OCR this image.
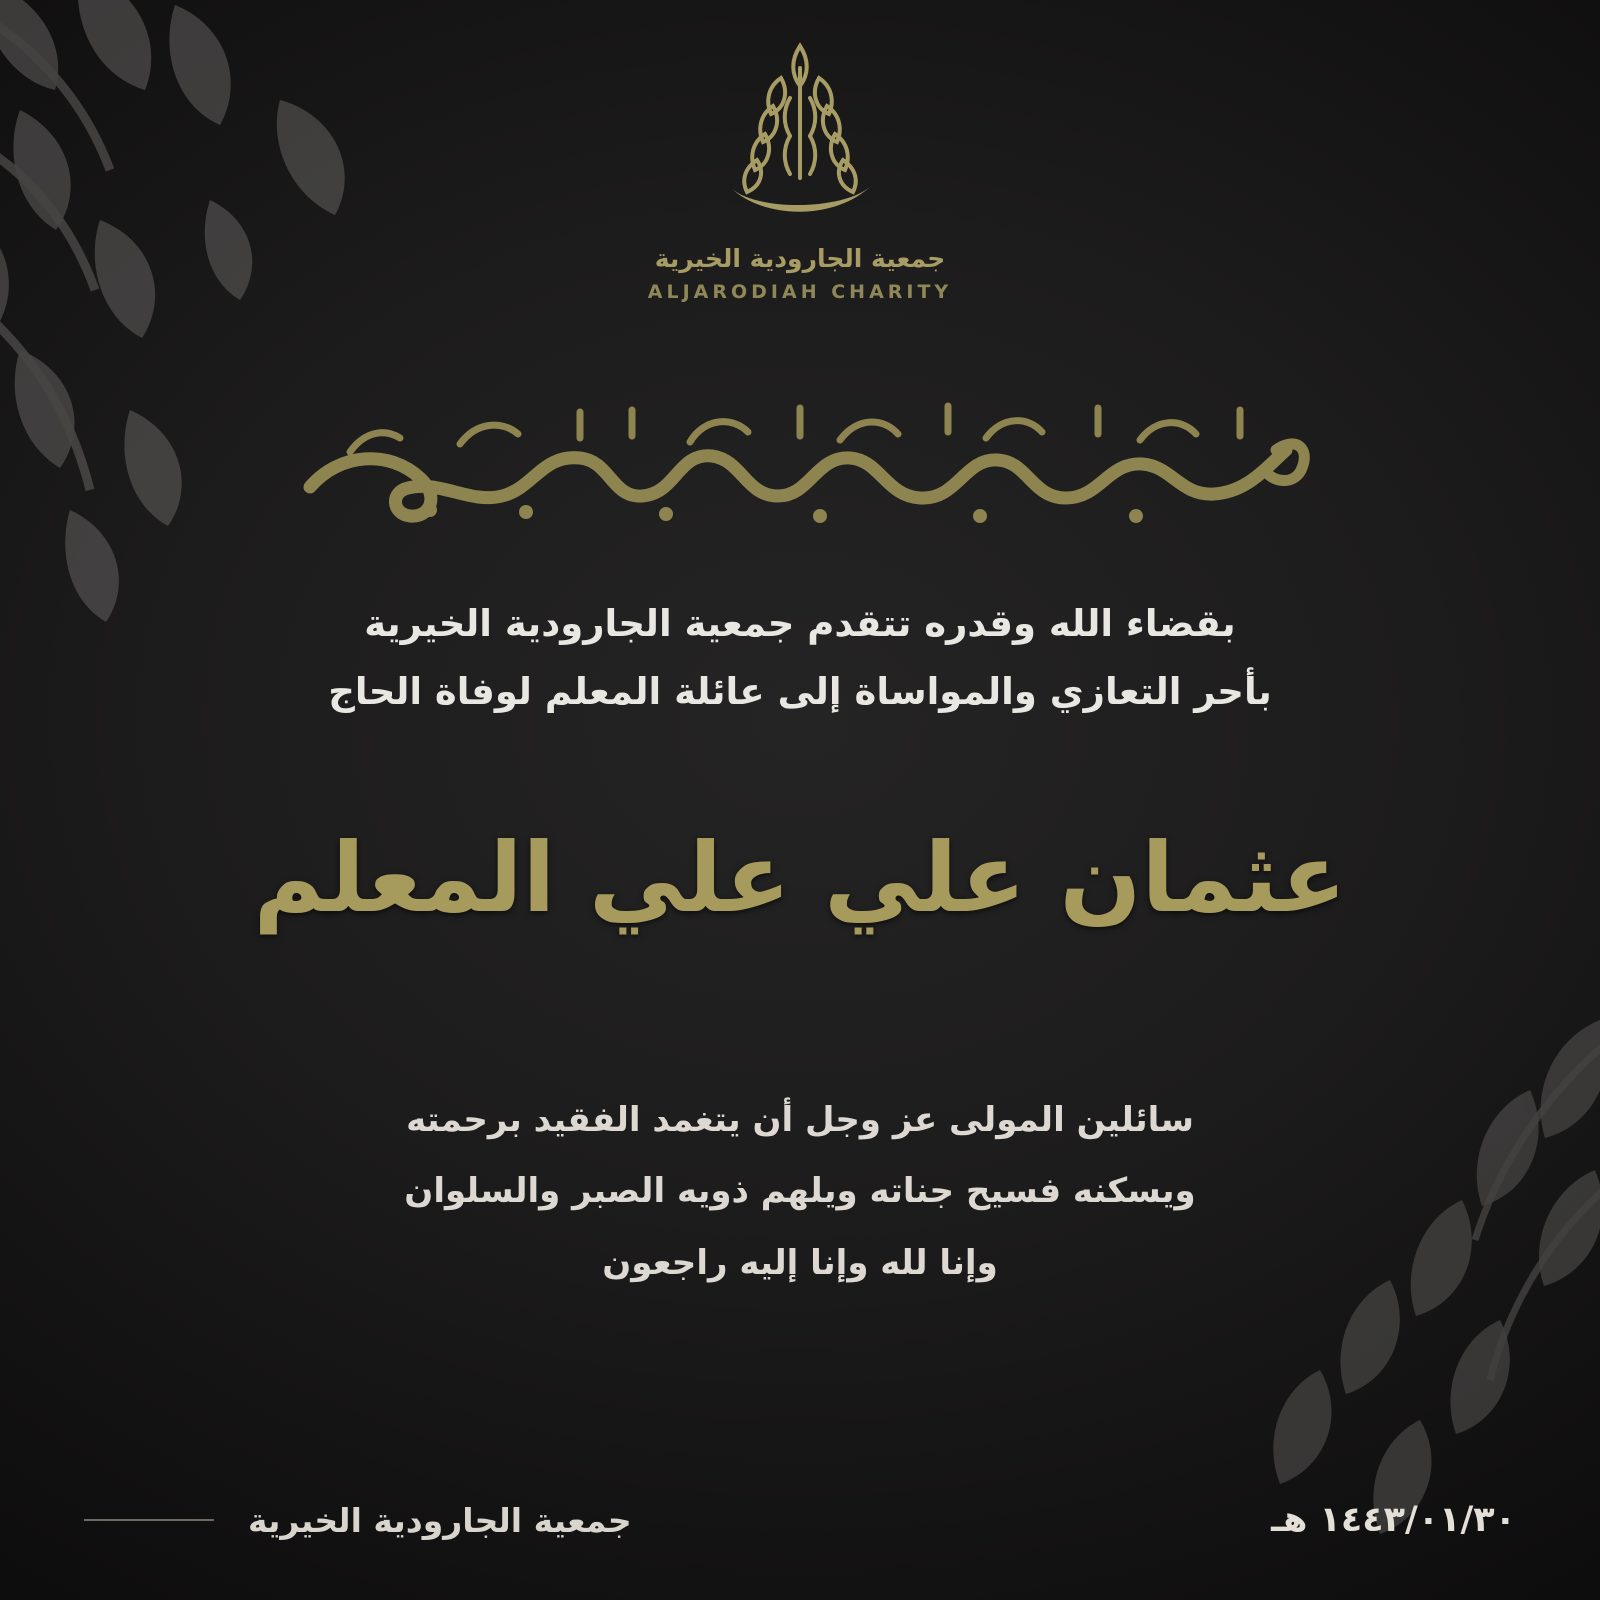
جمعية الجارودية الخيرية
ALJARODIAH CHARITY
بقضاء الله وقدره تتقدم جمعية الجارودية الخيرية
بأحر التعازي والمواساة إلى عائلة المعلم لوفاة الحاج
عثمان علي علي المعلم
سائلين المولى عز وجل أن يتغمد الفقيد برحمته
ويسكنه فسيح جناته ويلهم ذويه الصبر والسلوان
وإنا لله وإنا إليه راجعون
١٤٤٣/٠١/٣٠ هـ
جمعية الجارودية الخيرية
